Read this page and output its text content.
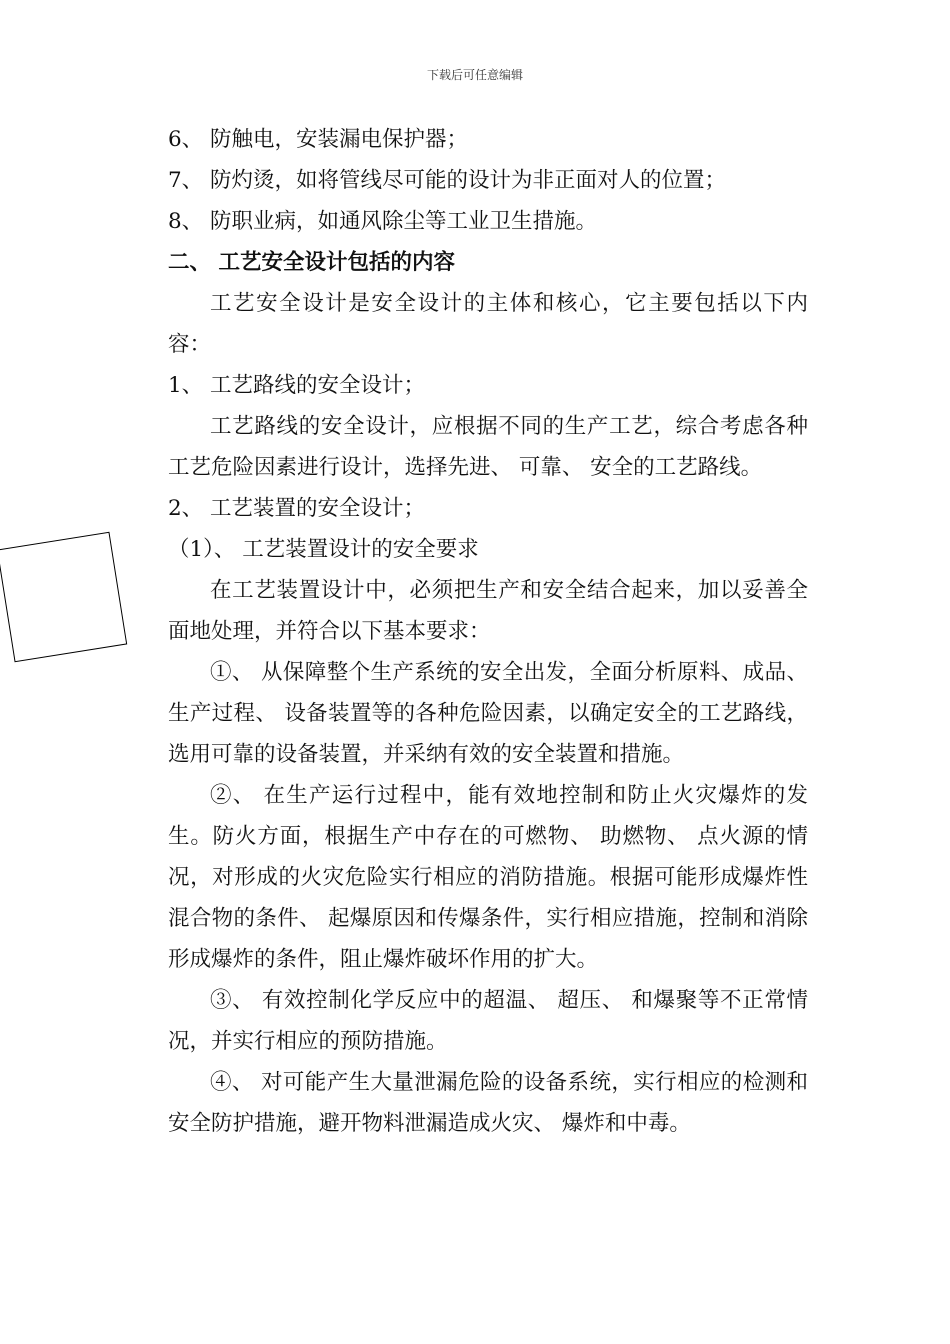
下载后可任意编辑

6、 防触电，安装漏电保护器；

7、 防灼烫，如将管线尽可能的设计为非正面对人的位置；

8、 防职业病，如通风除尘等工业卫生措施。

二、 工艺安全设计包括的内容

工艺安全设计是安全设计的主体和核心，它主要包括以下内容：

1、 工艺路线的安全设计；

工艺路线的安全设计，应根据不同的生产工艺，综合考虑各种工艺危险因素进行设计，选择先进、 可靠、 安全的工艺路线。

2、 工艺装置的安全设计；

（1）、 工艺装置设计的安全要求

在工艺装置设计中，必须把生产和安全结合起来，加以妥善全面地处理，并符合以下基本要求：

①、 从保障整个生产系统的安全出发，全面分析原料、成品、 生产过程、 设备装置等的各种危险因素，以确定安全的工艺路线，选用可靠的设备装置，并采纳有效的安全装置和措施。

②、 在生产运行过程中，能有效地控制和防止火灾爆炸的发生。防火方面，根据生产中存在的可燃物、 助燃物、 点火源的情况，对形成的火灾危险实行相应的消防措施。根据可能形成爆炸性混合物的条件、 起爆原因和传爆条件，实行相应措施，控制和消除形成爆炸的条件，阻止爆炸破坏作用的扩大。

③、 有效控制化学反应中的超温、 超压、 和爆聚等不正常情况，并实行相应的预防措施。

④、 对可能产生大量泄漏危险的设备系统，实行相应的检测和安全防护措施，避开物料泄漏造成火灾、 爆炸和中毒。
